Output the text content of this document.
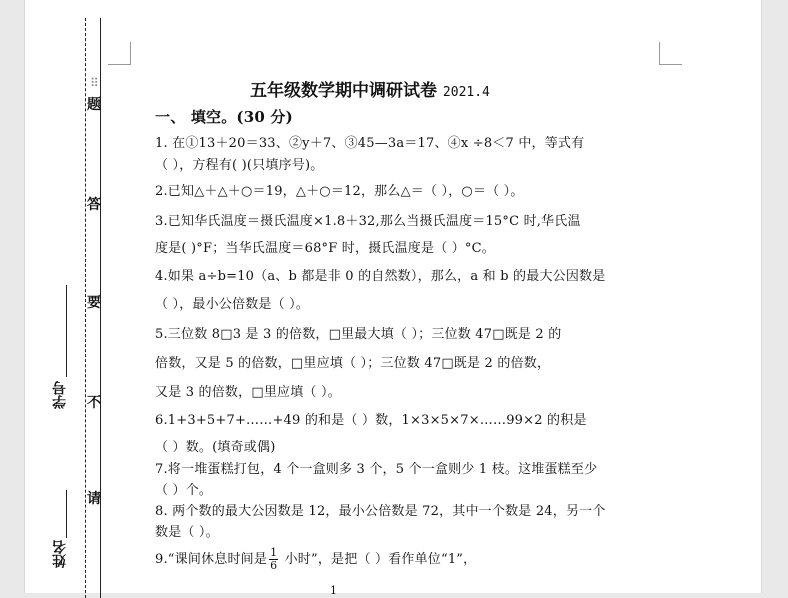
题
答
要
不
请
学号
姓名
⠿	五年级数学期中调研试卷 2021.4
一、 填空。(30 分)
1. 在①13＋20＝33、②y＋7、③45—3a＝17、④x ÷8＜7 中，等式有
（ ），方程有( )(只填序号)。
2.已知△＋△＋○＝19，△＋○＝12，那么△＝（ ），○＝（ ）。
3.已知华氏温度＝摄氏温度×1.8＋32,那么当摄氏温度＝15°C 时,华氏温
度是( )°F；当华氏温度＝68°F 时，摄氏温度是（ ）°C。
4.如果 a÷b=10（a、b 都是非 0 的自然数），那么，a 和 b 的最大公因数是
（ ），最小公倍数是（ ）。
5.三位数 8□3 是 3 的倍数，□里最大填（ ）；三位数 47□既是 2 的
倍数，又是 5 的倍数，□里应填（ ）；三位数 47□既是 2 的倍数，
又是 3 的倍数，□里应填（ ）。
6.1+3+5+7+……+49 的和是（ ）数，1×3×5×7×……99×2 的积是
（ ）数。(填奇或偶)
7.将一堆蛋糕打包，4 个一盒则多 3 个，5 个一盒则少 1 枝。这堆蛋糕至少
（ ）个。
8. 两个数的最大公因数是 12，最小公倍数是 72，其中一个数是 24，另一个
数是（ ）。
9.“课间休息时间是 $\frac{1}{6}$ 小时”，是把（ ）看作单位“1”，
1
